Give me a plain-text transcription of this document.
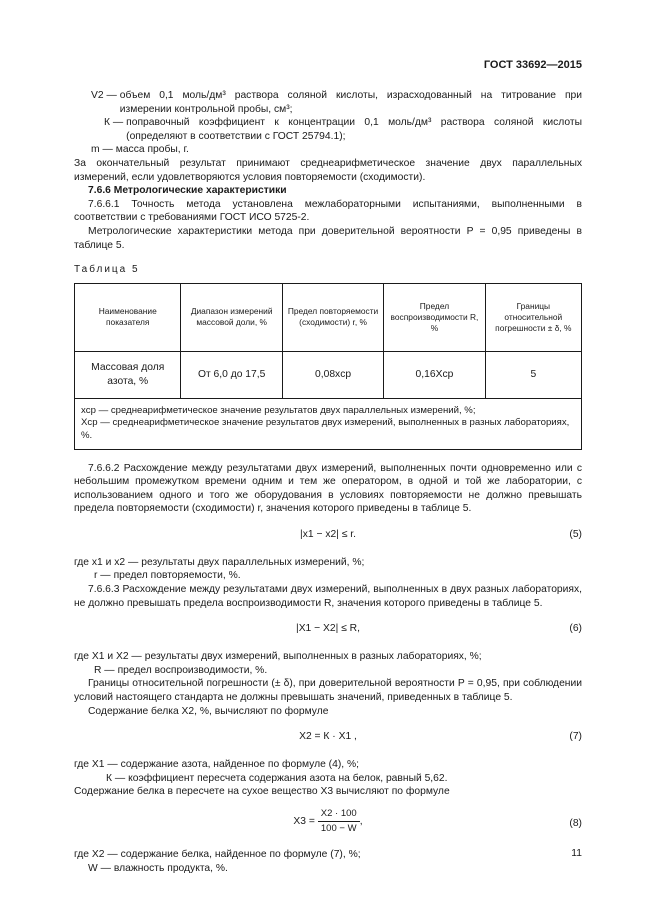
ГОСТ 33692—2015
V2 — объем 0,1 моль/дм³ раствора соляной кислоты, израсходованный на титрование при измерении контрольной пробы, см³;
К — поправочный коэффициент к концентрации 0,1 моль/дм³ раствора соляной кислоты (определяют в соответствии с ГОСТ 25794.1);
m — масса пробы, г.

За окончательный результат принимают среднеарифметическое значение двух параллельных измерений, если удовлетворяются условия повторяемости (сходимости).

7.6.6 Метрологические характеристики

7.6.6.1 Точность метода установлена межлабораторными испытаниями, выполненными в соответствии с требованиями ГОСТ ИСО 5725-2.

Метрологические характеристики метода при доверительной вероятности Р = 0,95 приведены в таблице 5.

Таблица 5
Наименование показателя	Диапазон измерений массовой доли, %	Предел повторяемости (сходимости) r, %	Предел воспроизводимости R, %	Границы относительной погрешности ± δ, %
Массовая доля азота, %	От 6,0 до 17,5	0,08xср	0,16Xср	5

xср — среднеарифметическое значение результатов двух параллельных измерений, %;
Xср — среднеарифметическое значение результатов двух измерений, выполненных в разных лабораториях, %.				

7.6.6.2 Расхождение между результатами двух измерений, выполненных почти одновременно или с небольшим промежутком времени одним и тем же оператором, в одной и той же лаборатории, с использованием одного и того же оборудования в условиях повторяемости не должно превышать предела повторяемости (сходимости) r, значения которого приведены в таблице 5.

|x1 − x2| ≤ r.	(5)
где x1 и x2 — результаты двух параллельных измерений, %;
r — предел повторяемости, %.

7.6.6.3 Расхождение между результатами двух измерений, выполненных в двух разных лабораториях, не должно превышать предела воспроизводимости R, значения которого приведены в таблице 5.

|X1 − X2| ≤ R,	(6)
где X1 и X2 — результаты двух измерений, выполненных в разных лабораториях, %;
R — предел воспроизводимости, %.

Границы относительной погрешности (± δ), при доверительной вероятности Р = 0,95, при соблюдении условий настоящего стандарта не должны превышать значений, приведенных в таблице 5.

Содержание белка X2, %, вычисляют по формуле

X2 = К · X1 ,	(7)
где X1 — содержание азота, найденное по формуле (4), %;
К — коэффициент пересчета содержания азота на белок, равный 5,62.

Содержание белка в пересчете на сухое вещество X3 вычисляют по формуле

$X3 = \frac{X2 \cdot 100}{100 - W}$ ,	(8)
где X2 — содержание белка, найденное по формуле (7), %;
W — влажность продукта, %.
11
